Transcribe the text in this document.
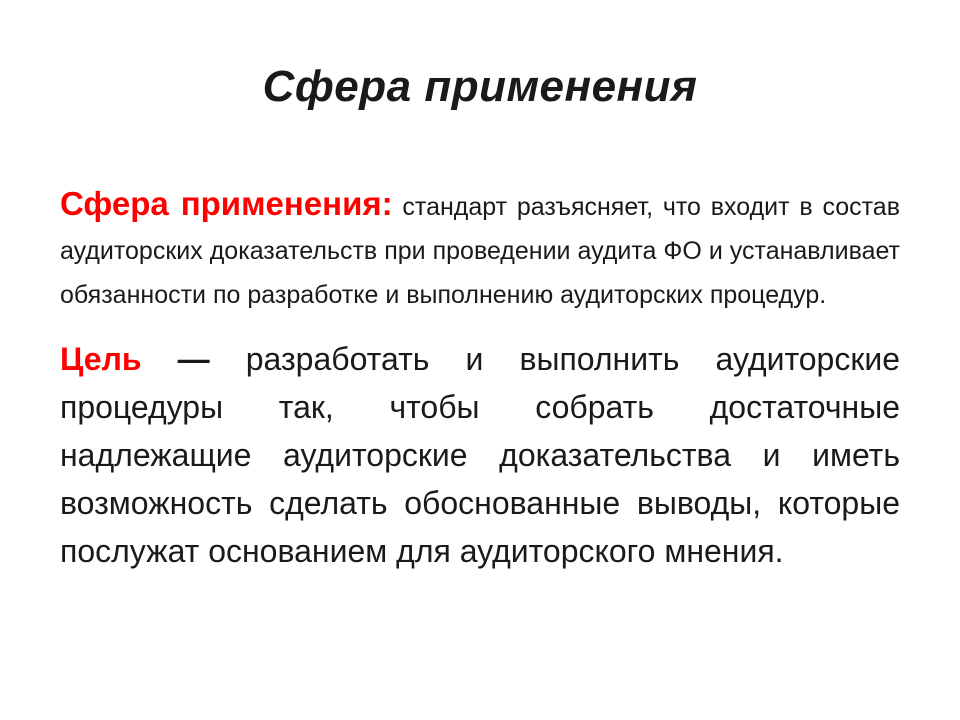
Сфера применения

Сфера применения: стандарт разъясняет, что входит в состав аудиторских доказательств при проведении аудита ФО и устанавливает обязанности по разработке и выполнению аудиторских процедур.

Цель — разработать и выполнить аудиторские процедуры так, чтобы собрать достаточные надлежащие аудиторские доказательства и иметь возможность сделать обоснованные выводы, которые послужат основанием для аудиторского мнения.
